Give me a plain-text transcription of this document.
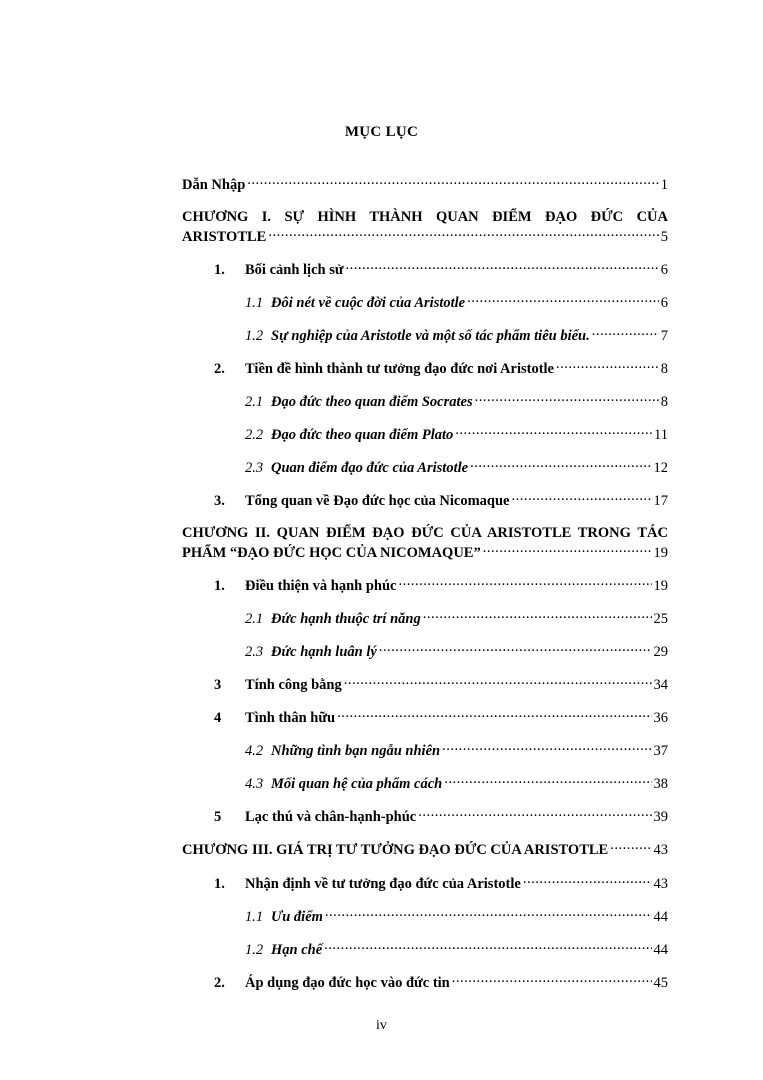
MỤC LỤC
Dẫn Nhập .....	1
CHƯƠNG I. SỰ HÌNH THÀNH QUAN ĐIỂM ĐẠO ĐỨC CỦA
ARISTOTLE .....	5
1.	Bối cảnh lịch sử .....	6
1.1 Đôi nét về cuộc đời của Aristotle .....	6
1.2 Sự nghiệp của Aristotle và một số tác phẩm tiêu biểu. .....	7
2.	Tiền đề hình thành tư tưởng đạo đức nơi Aristotle .....	8
2.1 Đạo đức theo quan điểm Socrates .....	8
2.2 Đạo đức theo quan điểm Plato .....	11
2.3 Quan điểm đạo đức của Aristotle .....	12
3.	Tổng quan về Đạo đức học của Nicomaque .....	17
CHƯƠNG II. QUAN ĐIỂM ĐẠO ĐỨC CỦA ARISTOTLE TRONG TÁC
PHẨM “ĐẠO ĐỨC HỌC CỦA NICOMAQUE” .....	19
1.	Điều thiện và hạnh phúc .....	19
2.1 Đức hạnh thuộc trí năng .....	25
2.3 Đức hạnh luân lý .....	29
3	Tính công bằng .....	34
4	Tình thân hữu .....	36
4.2 Những tình bạn ngẫu nhiên .....	37
4.3 Mối quan hệ của phẩm cách .....	38
5	Lạc thú và chân-hạnh-phúc .....	39
CHƯƠNG III. GIÁ TRỊ TƯ TƯỞNG ĐẠO ĐỨC CỦA ARISTOTLE .....	43
1.	Nhận định về tư tưởng đạo đức của Aristotle .....	43
1.1 Ưu điểm .....	44
1.2 Hạn chế .....	44
2.	Áp dụng đạo đức học vào đức tin .....	45
iv
